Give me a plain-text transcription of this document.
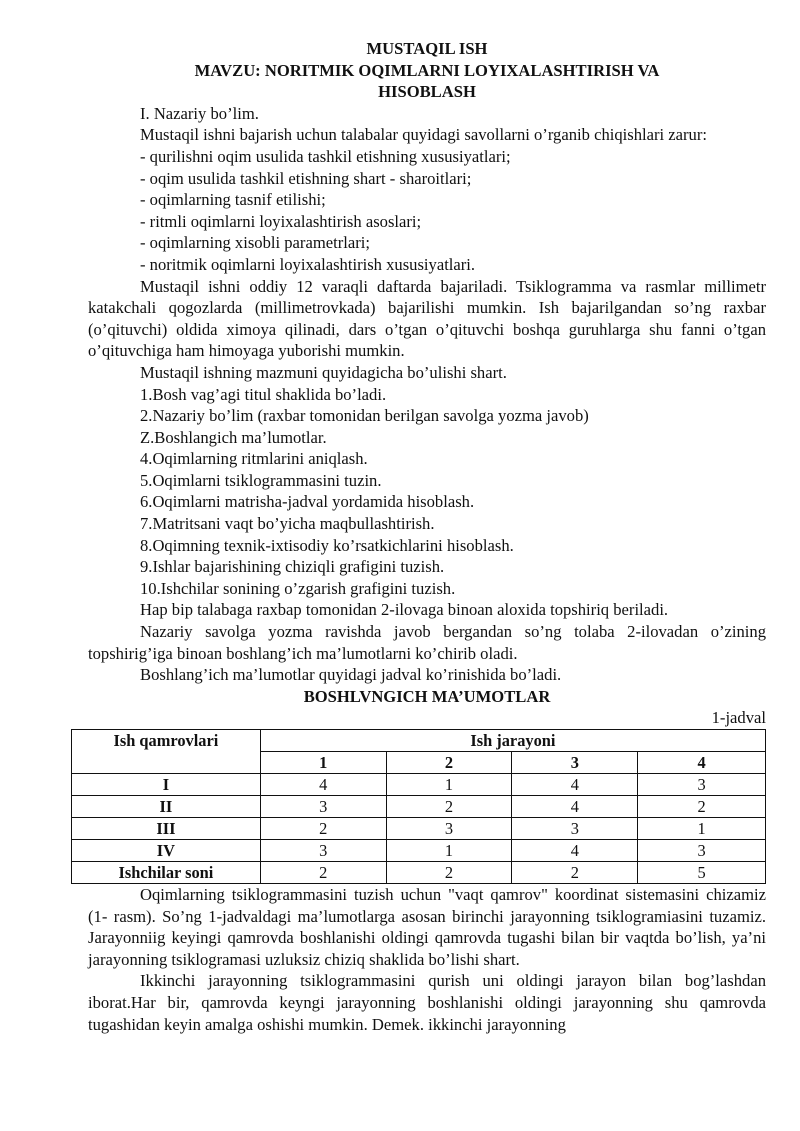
MUSTAQIL ISH
MAVZU: NORITMIK OQIMLARNI LOYIXALASHTIRISH VA
HISOBLASH
I. Nazariy bo’lim.
Mustaqil ishni bajarish uchun talabalar quyidagi savollarni o’rganib chiqishlari zarur:
- qurilishni oqim usulida tashkil etishning xususiyatlari;
- oqim usulida tashkil etishning shart - sharoitlari;
- oqimlarning tasnif etilishi;
- ritmli oqimlarni loyixalashtirish asoslari;
- oqimlarning xisobli parametrlari;
- noritmik oqimlarni loyixalashtirish xususiyatlari.
Mustaqil ishni oddiy 12 varaqli daftarda bajariladi. Tsiklogramma va rasmlar millimetr katakchali qogozlarda (millimetrovkada) bajarilishi mumkin. Ish bajarilgandan so’ng raxbar (o’qituvchi) oldida ximoya qilinadi, dars o’tgan o’qituvchi boshqa guruhlarga shu fanni o’tgan o’qituvchiga ham himoyaga yuborishi mumkin.
Mustaqil ishning mazmuni quyidagicha bo’ulishi shart.
1.Bosh vag’agi titul shaklida bo’ladi.
2.Nazariy bo’lim (raxbar tomonidan berilgan savolga yozma javob)
Z.Boshlangich ma’lumotlar.
4.Oqimlarning ritmlarini aniqlash.
5.Oqimlarni tsiklogrammasini tuzin.
6.Oqimlarni matrisha-jadval yordamida hisoblash.
7.Matritsani vaqt bo’yicha maqbullashtirish.
8.Oqimning texnik-ixtisodiy ko’rsatkichlarini hisoblash.
9.Ishlar bajarishining chiziqli grafigini tuzish.
10.Ishchilar sonining o’zgarish grafigini tuzish.
Hap bip talabaga raxbap tomonidan 2-ilovaga binoan aloxida topshiriq beriladi.
Nazariy savolga yozma ravishda javob bergandan so’ng tolaba 2-ilovadan o’zining topshirig’iga binoan boshlang’ich ma’lumotlarni ko’chirib oladi.
Boshlang’ich ma’lumotlar quyidagi jadval ko’rinishida bo’ladi.
BOSHLVNGICH MA’UMOTLAR
1-jadval
Ish qamrovlari	Ish jarayoni			
	1	2	3	4
I	4	1	4	3
II	3	2	4	2
III	2	3	3	1
IV	3	1	4	3
Ishchilar soni	2	2	2	5
Oqimlarning tsiklogrammasini tuzish uchun "vaqt qamrov" koordinat sistemasini chizamiz (1- rasm). So’ng 1-jadvaldagi ma’lumotlarga asosan birinchi jarayonning tsiklogramiasini tuzamiz. Jarayonniig keyingi qamrovda boshlanishi oldingi qamrovda tugashi bilan bir vaqtda bo’lish, ya’ni jarayonning tsiklogramasi uzluksiz chiziq shaklida bo’lishi shart.
Ikkinchi jarayonning tsiklogrammasini qurish uni oldingi jarayon bilan bog’lashdan iborat.Har bir, qamrovda keyngi jarayonning boshlanishi oldingi jarayonning shu qamrovda tugashidan keyin amalga oshishi mumkin. Demek. ikkinchi jarayonning
